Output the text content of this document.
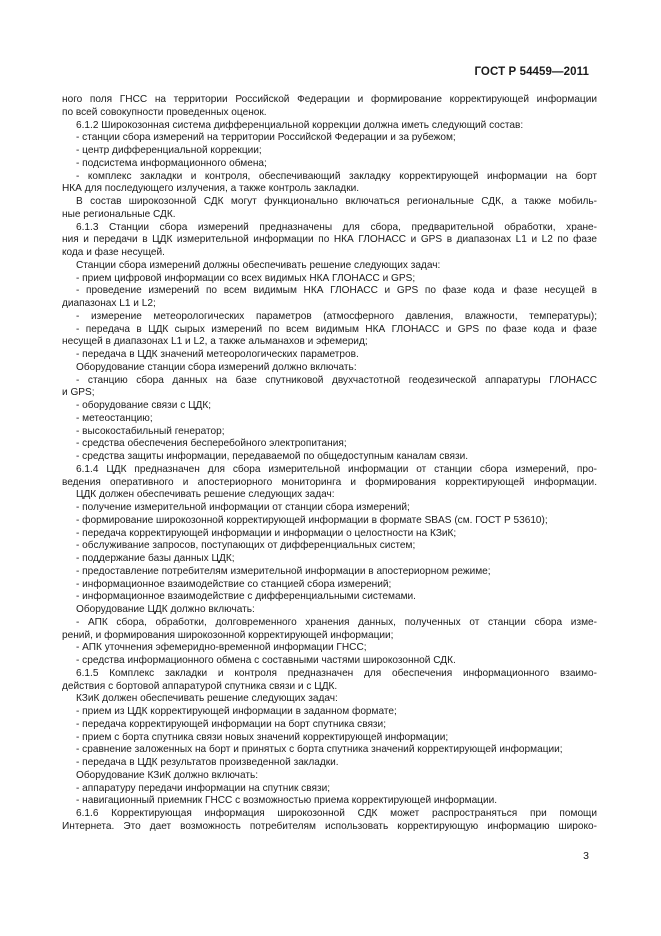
ГОСТ Р 54459—2011

ного поля ГНСС на территории Российской Федерации и формирование корректирующей информации

по всей совокупности проведенных оценок.

6.1.2 Широкозонная система дифференциальной коррекции должна иметь следующий состав:

- станции сбора измерений на территории Российской Федерации и за рубежом;

- центр дифференциальной коррекции;

- подсистема информационного обмена;

- комплекс закладки и контроля, обеспечивающий закладку корректирующей информации на борт

НКА для последующего излучения, а также контроль закладки.

В состав широкозонной СДК могут функционально включаться региональные СДК, а также мобиль-

ные региональные СДК.

6.1.3 Станции сбора измерений предназначены для сбора, предварительной обработки, хране-

ния и передачи в ЦДК измерительной информации по НКА ГЛОНАСС и GPS в диапазонах L1 и L2 по фазе

кода и фазе несущей.

Станции сбора измерений должны обеспечивать решение следующих задач:

- прием цифровой информации со всех видимых НКА ГЛОНАСС и GPS;

- проведение измерений по всем видимым НКА ГЛОНАСС и GPS по фазе кода и фазе несущей в

диапазонах L1 и L2;

- измерение метеорологических параметров (атмосферного давления, влажности, температуры);

- передача в ЦДК сырых измерений по всем видимым НКА ГЛОНАСС и GPS по фазе кода и фазе

несущей в диапазонах L1 и L2, а также альманахов и эфемерид;

- передача в ЦДК значений метеорологических параметров.

Оборудование станции сбора измерений должно включать:

- станцию сбора данных на базе спутниковой двухчастотной геодезической аппаратуры ГЛОНАСС

и GPS;

- оборудование связи с ЦДК;

- метеостанцию;

- высокостабильный генератор;

- средства обеспечения бесперебойного электропитания;

- средства защиты информации, передаваемой по общедоступным каналам связи.

6.1.4 ЦДК предназначен для сбора измерительной информации от станции сбора измерений, про-

ведения оперативного и апостериорного мониторинга и формирования корректирующей информации.

ЦДК должен обеспечивать решение следующих задач:

- получение измерительной информации от станции сбора измерений;

- формирование широкозонной корректирующей информации в формате SBAS (см. ГОСТ Р 53610);

- передача корректирующей информации и информации о целостности на КЗиК;

- обслуживание запросов, поступающих от дифференциальных систем;

- поддержание базы данных ЦДК;

- предоставление потребителям измерительной информации в апостериорном режиме;

- информационное взаимодействие со станцией сбора измерений;

- информационное взаимодействие с дифференциальными системами.

Оборудование ЦДК должно включать:

- АПК сбора, обработки, долговременного хранения данных, полученных от станции сбора изме-

рений, и формирования широкозонной корректирующей информации;

- АПК уточнения эфемеридно-временной информации ГНСС;

- средства информационного обмена с составными частями широкозонной СДК.

6.1.5 Комплекс закладки и контроля предназначен для обеспечения информационного взаимо-

действия с бортовой аппаратурой спутника связи и с ЦДК.

КЗиК должен обеспечивать решение следующих задач:

- прием из ЦДК корректирующей информации в заданном формате;

- передача корректирующей информации на борт спутника связи;

- прием с борта спутника связи новых значений корректирующей информации;

- сравнение заложенных на борт и принятых с борта спутника значений корректирующей информации;

- передача в ЦДК результатов произведенной закладки.

Оборудование КЗиК должно включать:

- аппаратуру передачи информации на спутник связи;

- навигационный приемник ГНСС с возможностью приема корректирующей информации.

6.1.6 Корректирующая информация широкозонной СДК может распространяться при помощи

Интернета. Это дает возможность потребителям использовать корректирующую информацию широко-

3
